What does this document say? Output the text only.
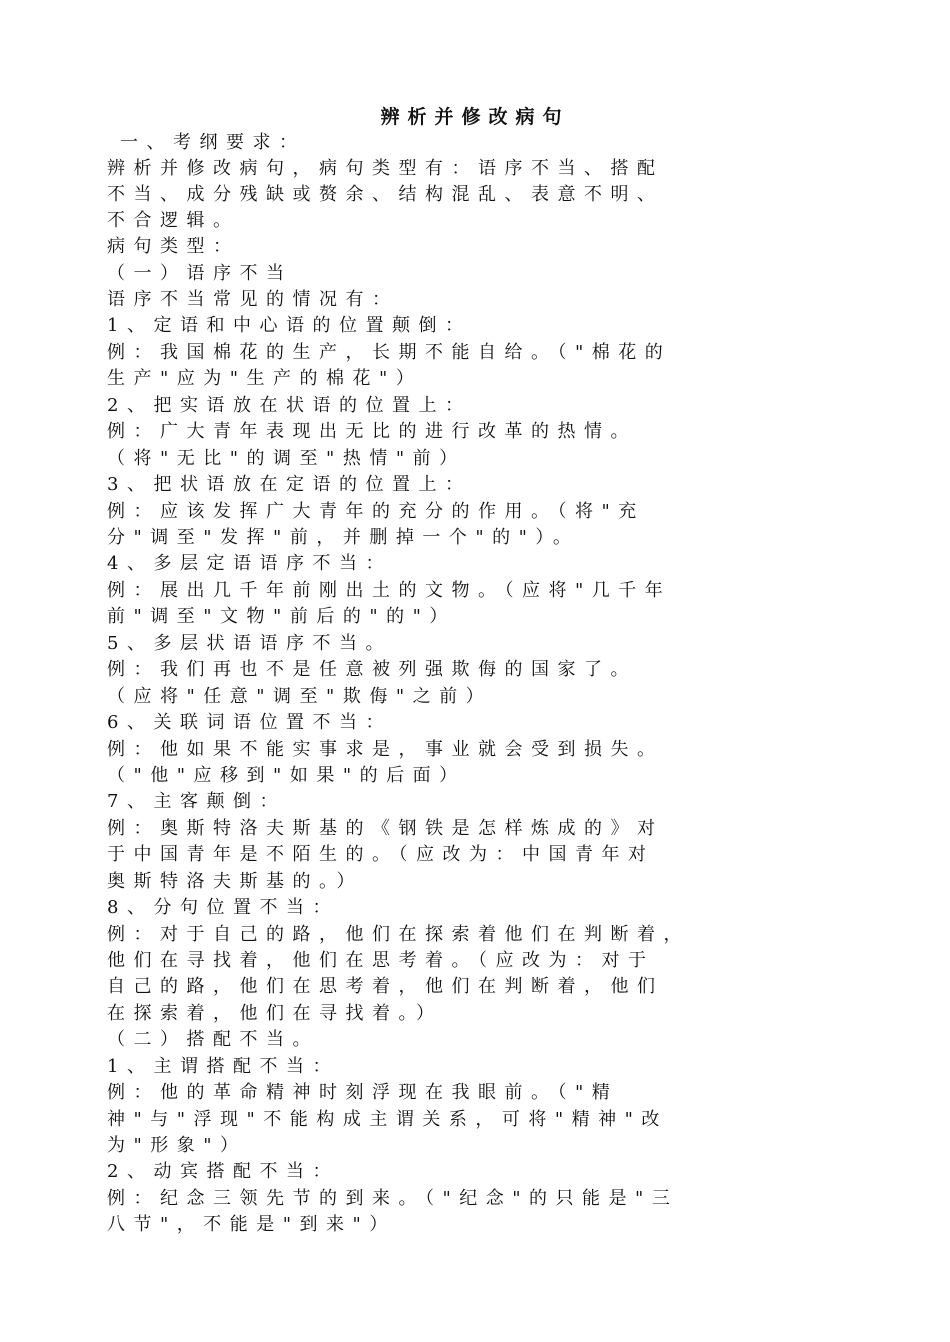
辨析并修改病句
一、考纲要求：
辨析并修改病句，病句类型有：语序不当、搭配
不当、成分残缺或赘余、结构混乱、表意不明、
不合逻辑。
病句类型：
（一）语序不当
语序不当常见的情况有：
1、定语和中心语的位置颠倒：
例：我国棉花的生产，长期不能自给。（"棉花的
生产"应为"生产的棉花"）
2、把实语放在状语的位置上：
例：广大青年表现出无比的进行改革的热情。
（将"无比"的调至"热情"前）
3、把状语放在定语的位置上：
例：应该发挥广大青年的充分的作用。（将"充
分"调至"发挥"前，并删掉一个"的"）。
4、多层定语语序不当：
例：展出几千年前刚出土的文物。（应将"几千年
前"调至"文物"前后的"的"）
5、多层状语语序不当。
例：我们再也不是任意被列强欺侮的国家了。
（应将"任意"调至"欺侮"之前）
6、关联词语位置不当：
例：他如果不能实事求是，事业就会受到损失。
（"他"应移到"如果"的后面）
7、主客颠倒：
例：奥斯特洛夫斯基的《钢铁是怎样炼成的》对
于中国青年是不陌生的。（应改为：中国青年对
奥斯特洛夫斯基的。）
8、分句位置不当：
例：对于自己的路，他们在探索着他们在判断着，
他们在寻找着，他们在思考着。（应改为：对于
自己的路，他们在思考着，他们在判断着，他们
在探索着，他们在寻找着。）
（二）搭配不当。
1、主谓搭配不当：
例：他的革命精神时刻浮现在我眼前。（"精
神"与"浮现"不能构成主谓关系，可将"精神"改
为"形象"）
2、动宾搭配不当：
例：纪念三领先节的到来。（"纪念"的只能是"三
八节"，不能是"到来"）
